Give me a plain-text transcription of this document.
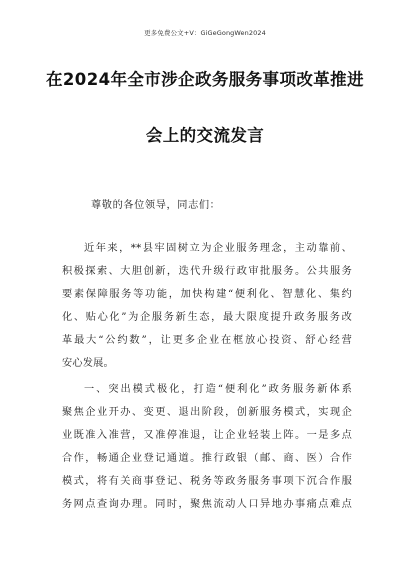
更多免费公文+V：GiGeGongWen2024
在2024年全市涉企政务服务事项改革推进
会上的交流发言
尊敬的各位领导，同志们：
近年来，**县牢固树立为企业服务理念，主动靠前、
积极探索、大胆创新，迭代升级行政审批服务。公共服务
要素保障服务等功能，加快构建“便利化、智慧化、集约
化、贴心化”为企服务新生态，最大限度提升政务服务改
革最大“公约数”，让更多企业在框放心投资、舒心经营
安心发展。
一、突出模式极化，打造“便利化”政务服务新体系
聚焦企业开办、变更、退出阶段，创新服务模式，实现企
业既准入准营，又准停准退，让企业轻装上阵。一是多点
合作，畅通企业登记通道。推行政银（邮、商、医）合作
模式，将有关商事登记、税务等政务服务事项下沉合作服
务网点查询办理。同时，聚焦流动人口异地办事痛点难点
